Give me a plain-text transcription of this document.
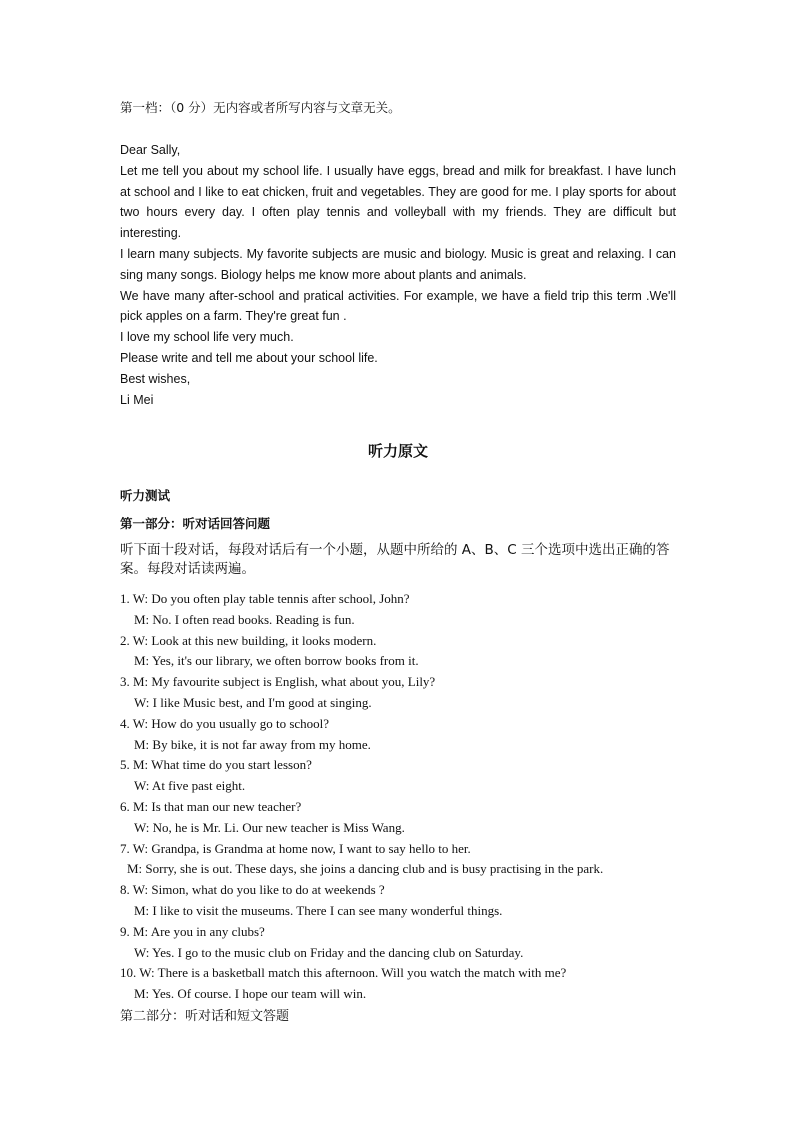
第一档：（0 分）无内容或者所写内容与文章无关。

Dear Sally,

Let me tell you about my school life. I usually have eggs, bread and milk for breakfast. I have lunch at school and I like to eat chicken, fruit and vegetables. They are good for me. I play sports for about two hours every day. I often play tennis and volleyball with my friends. They are difficult but interesting.

I learn many subjects. My favorite subjects are music and biology. Music is great and relaxing. I can sing many songs. Biology helps me know more about plants and animals.

We have many after-school and pratical activities. For example, we have a field trip this term .We'll pick apples on a farm. They're great fun .

I love my school life very much.

Please write and tell me about your school life.

Best wishes,

Li Mei

听力原文
听力测试
第一部分：听对话回答问题

听下面十段对话，每段对话后有一个小题，从题中所给的 A、B、C 三个选项中选出正确的答案。每段对话读两遍。

1. W: Do you often play table tennis after school, John?
M: No. I often read books. Reading is fun.
2. W: Look at this new building, it looks modern.
M: Yes, it's our library, we often borrow books from it.
3. M: My favourite subject is English, what about you, Lily?
W: I like Music best, and I'm good at singing.
4. W: How do you usually go to school?
M: By bike, it is not far away from my home.
5. M: What time do you start lesson?
W: At five past eight.
6. M: Is that man our new teacher?
W: No, he is Mr. Li. Our new teacher is Miss Wang.
7. W: Grandpa, is Grandma at home now, I want to say hello to her.
M: Sorry, she is out. These days, she joins a dancing club and is busy practising in the park.
8. W: Simon, what do you like to do at weekends ?
M: I like to visit the museums. There I can see many wonderful things.
9. M: Are you in any clubs?
W: Yes. I go to the music club on Friday and the dancing club on Saturday.
10. W: There is a basketball match this afternoon. Will you watch the match with me?
M: Yes. Of course. I hope our team will win.
第二部分：听对话和短文答题
